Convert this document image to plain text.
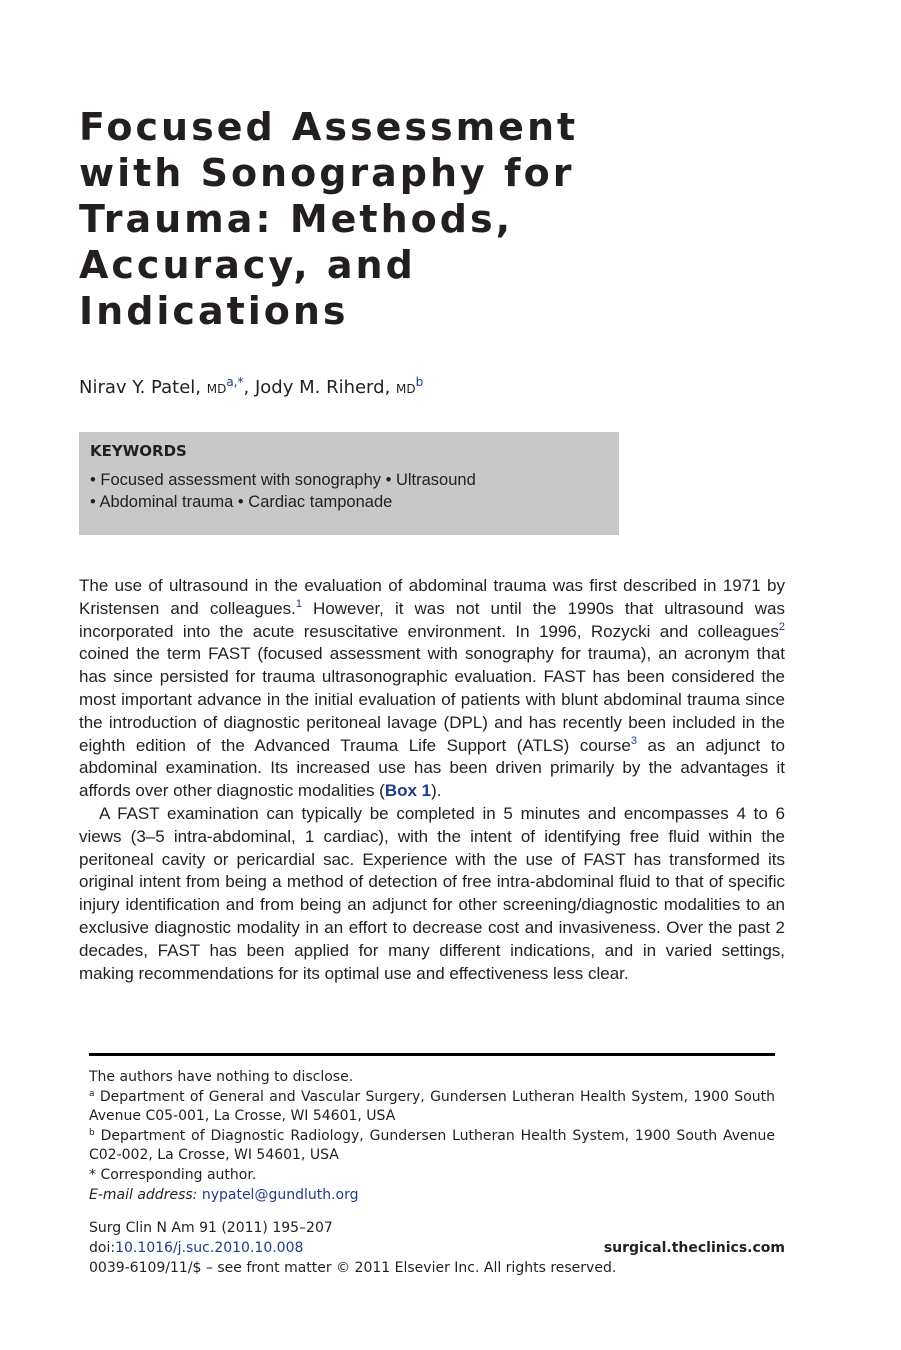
Focused Assessment
with Sonography for
Trauma: Methods,
Accuracy, and
Indications
Nirav Y. Patel, $MD^{a,*}$, Jody M. Riherd, $MD^b$
KEYWORDS
• Focused assessment with sonography • Ultrasound
• Abdominal trauma • Cardiac tamponade

The use of ultrasound in the evaluation of abdominal trauma was first described in 1971 by Kristensen and colleagues.$^1$ However, it was not until the 1990s that ultrasound was incorporated into the acute resuscitative environment. In 1996, Rozycki and colleagues$^2$ coined the term FAST (focused assessment with sonography for trauma), an acronym that has since persisted for trauma ultrasonographic evaluation. FAST has been considered the most important advance in the initial evaluation of patients with blunt abdominal trauma since the introduction of diagnostic peritoneal lavage (DPL) and has recently been included in the eighth edition of the Advanced Trauma Life Support (ATLS) course$^3$ as an adjunct to abdominal examination. Its increased use has been driven primarily by the advantages it affords over other diagnostic modalities (Box 1).

A FAST examination can typically be completed in 5 minutes and encompasses 4 to 6 views (3–5 intra-abdominal, 1 cardiac), with the intent of identifying free fluid within the peritoneal cavity or pericardial sac. Experience with the use of FAST has transformed its original intent from being a method of detection of free intra-abdominal fluid to that of specific injury identification and from being an adjunct for other screening/diagnostic modalities to an exclusive diagnostic modality in an effort to decrease cost and invasiveness. Over the past 2 decades, FAST has been applied for many different indications, and in varied settings, making recommendations for its optimal use and effectiveness less clear.

The authors have nothing to disclose.

$^a$ Department of General and Vascular Surgery, Gundersen Lutheran Health System, 1900 South Avenue C05-001, La Crosse, WI 54601, USA

$^b$ Department of Diagnostic Radiology, Gundersen Lutheran Health System, 1900 South Avenue C02-002, La Crosse, WI 54601, USA

* Corresponding author.

E-mail address: nypatel@gundluth.org

Surg Clin N Am 91 (2011) 195–207
doi:10.1016/j.suc.2010.10.008	surgical.theclinics.com
0039-6109/11/$ – see front matter © 2011 Elsevier Inc. All rights reserved.
